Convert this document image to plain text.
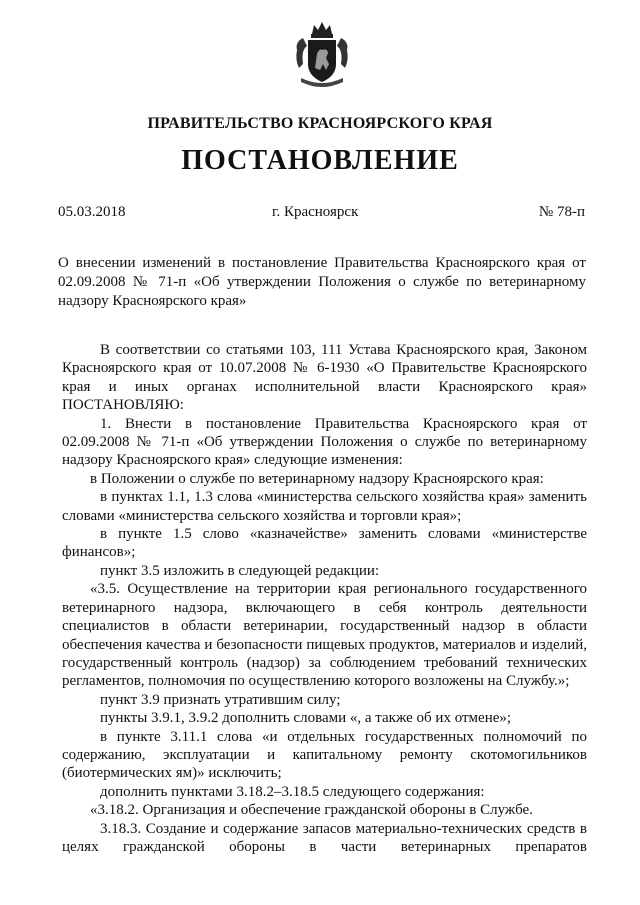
ПРАВИТЕЛЬСТВО КРАСНОЯРСКОГО КРАЯ
ПОСТАНОВЛЕНИЕ
05.03.2018	г. Красноярск	№ 78-п
О внесении изменений в постановление Правительства Красноярского края от 02.09.2008 № 71-п «Об утверждении Положения о службе по ветеринарному надзору Красноярского края»

В соответствии со статьями 103, 111 Устава Красноярского края, Законом Красноярского края от 10.07.2008 № 6-1930 «О Правительстве Красноярского края и иных органах исполнительной власти Красноярского края» ПОСТАНОВЛЯЮ:

1. Внести в постановление Правительства Красноярского края от 02.09.2008 № 71-п «Об утверждении Положения о службе по ветеринарному надзору Красноярского края» следующие изменения:

в Положении о службе по ветеринарному надзору Красноярского края:

в пунктах 1.1, 1.3 слова «министерства сельского хозяйства края» заменить словами «министерства сельского хозяйства и торговли края»;

в пункте 1.5 слово «казначействе» заменить словами «министерстве финансов»;

пункт 3.5 изложить в следующей редакции:

«3.5. Осуществление на территории края регионального государственного ветеринарного надзора, включающего в себя контроль деятельности специалистов в области ветеринарии, государственный надзор в области обеспечения качества и безопасности пищевых продуктов, материалов и изделий, государственный контроль (надзор) за соблюдением требований технических регламентов, полномочия по осуществлению которого возложены на Службу.»;

пункт 3.9 признать утратившим силу;

пункты 3.9.1, 3.9.2 дополнить словами «, а также об их отмене»;

в пункте 3.11.1 слова «и отдельных государственных полномочий по содержанию, эксплуатации и капитальному ремонту скотомогильников (биотермических ям)» исключить;

дополнить пунктами 3.18.2–3.18.5 следующего содержания:

«3.18.2. Организация и обеспечение гражданской обороны в Службе.

3.18.3. Создание и содержание запасов материально-технических средств в целях гражданской обороны в части ветеринарных препаратов
